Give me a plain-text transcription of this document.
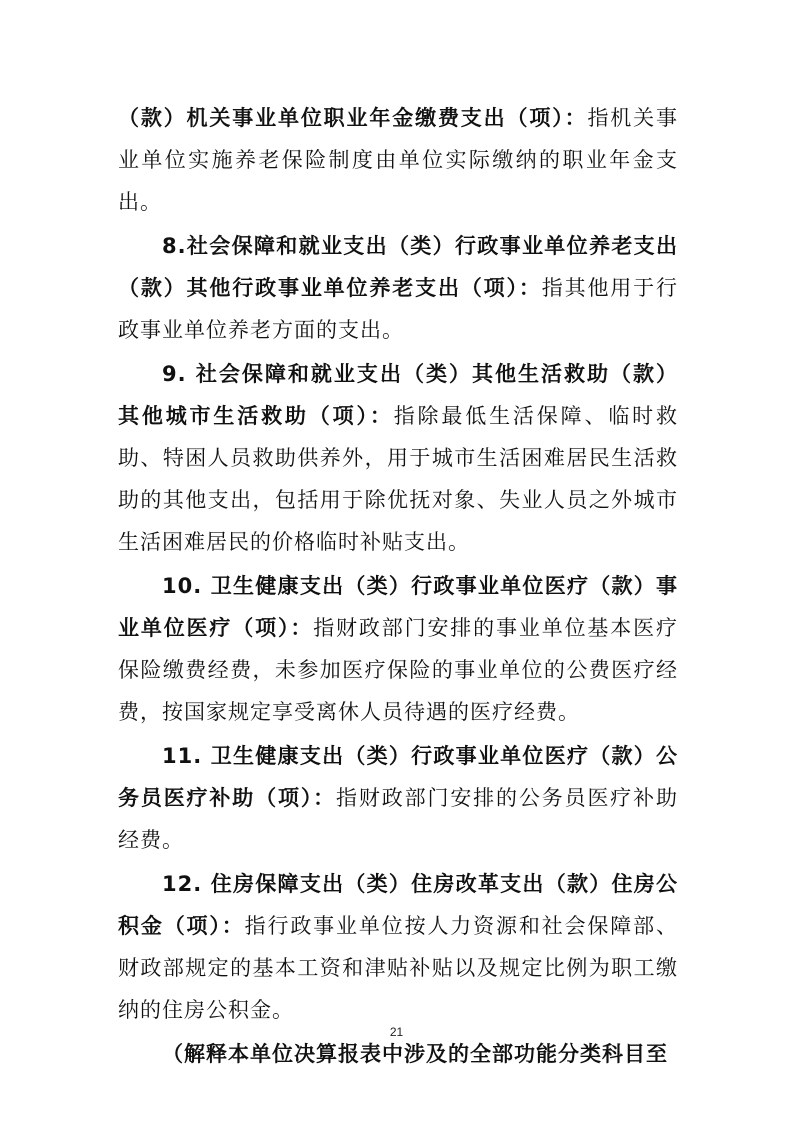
（款）机关事业单位职业年金缴费支出（项）：指机关事业单位实施养老保险制度由单位实际缴纳的职业年金支出。

8.社会保障和就业支出（类）行政事业单位养老支出（款）其他行政事业单位养老支出（项）：指其他用于行政事业单位养老方面的支出。

9. 社会保障和就业支出（类）其他生活救助（款）其他城市生活救助（项）：指除最低生活保障、临时救助、特困人员救助供养外，用于城市生活困难居民生活救助的其他支出，包括用于除优抚对象、失业人员之外城市生活困难居民的价格临时补贴支出。

10. 卫生健康支出（类）行政事业单位医疗（款）事业单位医疗（项）：指财政部门安排的事业单位基本医疗保险缴费经费，未参加医疗保险的事业单位的公费医疗经费，按国家规定享受离休人员待遇的医疗经费。

11. 卫生健康支出（类）行政事业单位医疗（款）公务员医疗补助（项）：指财政部门安排的公务员医疗补助经费。

12. 住房保障支出（类）住房改革支出（款）住房公积金（项）：指行政事业单位按人力资源和社会保障部、财政部规定的基本工资和津贴补贴以及规定比例为职工缴纳的住房公积金。

（解释本单位决算报表中涉及的全部功能分类科目至

21
